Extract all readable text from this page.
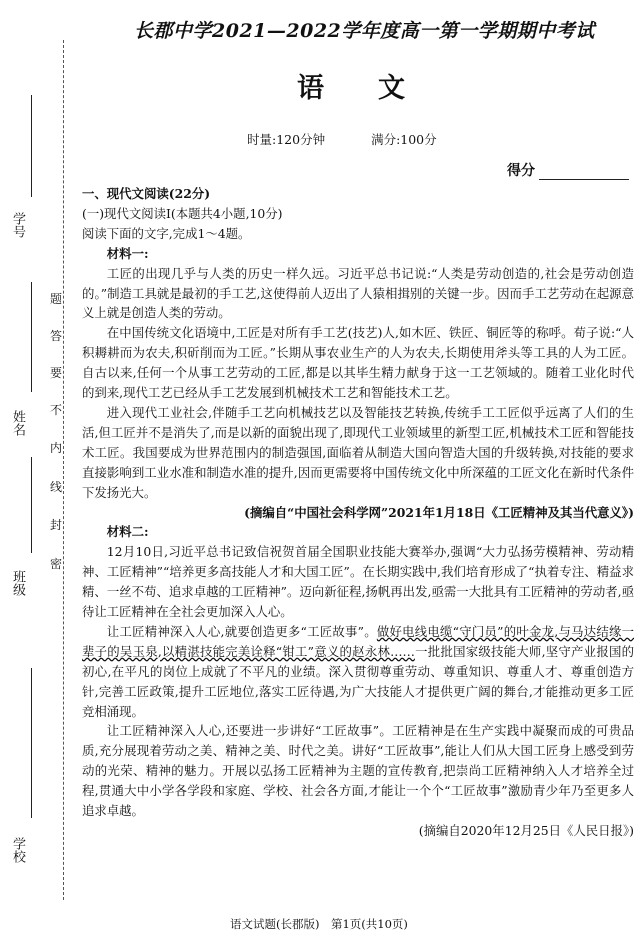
学号
姓名
班级
学校
题
答
要
不
内
线
封
密
长郡中学2021—2022学年度高一第一学期期中考试
语　　文
时量:120分钟	满分:100分
得分

一、现代文阅读(22分)

(一)现代文阅读Ⅰ(本题共4小题,10分)

阅读下面的文字,完成1～4题。

材料一:

工匠的出现几乎与人类的历史一样久远。习近平总书记说:“人类是劳动创造的,社会是劳动创造的。”制造工具就是最初的手工艺,这使得前人迈出了人猿相揖别的关键一步。因而手工艺劳动在起源意义上就是创造人类的劳动。

在中国传统文化语境中,工匠是对所有手工艺(技艺)人,如木匠、铁匠、铜匠等的称呼。荀子说:“人积耨耕而为农夫,积斫削而为工匠。”长期从事农业生产的人为农夫,长期使用斧头等工具的人为工匠。自古以来,任何一个从事工艺劳动的工匠,都是以其毕生精力献身于这一工艺领域的。随着工业化时代的到来,现代工艺已经从手工艺发展到机械技术工艺和智能技术工艺。

进入现代工业社会,伴随手工艺向机械技艺以及智能技艺转换,传统手工工匠似乎远离了人们的生活,但工匠并不是消失了,而是以新的面貌出现了,即现代工业领域里的新型工匠,机械技术工匠和智能技术工匠。我国要成为世界范围内的制造强国,面临着从制造大国向智造大国的升级转换,对技能的要求直接影响到工业水准和制造水准的提升,因而更需要将中国传统文化中所深蕴的工匠文化在新时代条件下发扬光大。

(摘编自“中国社会科学网”2021年1月18日《工匠精神及其当代意义》)

材料二:

12月10日,习近平总书记致信祝贺首届全国职业技能大赛举办,强调“大力弘扬劳模精神、劳动精神、工匠精神”“培养更多高技能人才和大国工匠”。在长期实践中,我们培育形成了“执着专注、精益求精、一丝不苟、追求卓越的工匠精神”。迈向新征程,扬帆再出发,亟需一大批具有工匠精神的劳动者,亟待让工匠精神在全社会更加深入人心。

让工匠精神深入人心,就要创造更多“工匠故事”。做好电线电缆“守门员”的叶金龙,与马达结缘一辈子的吴玉泉,以精湛技能完美诠释“钳工”意义的赵永林……一批批国家级技能大师,坚守产业报国的初心,在平凡的岗位上成就了不平凡的业绩。深入贯彻尊重劳动、尊重知识、尊重人才、尊重创造方针,完善工匠政策,提升工匠地位,落实工匠待遇,为广大技能人才提供更广阔的舞台,才能推动更多工匠竞相涌现。

让工匠精神深入人心,还要进一步讲好“工匠故事”。工匠精神是在生产实践中凝聚而成的可贵品质,充分展现着劳动之美、精神之美、时代之美。讲好“工匠故事”,能让人们从大国工匠身上感受到劳动的光荣、精神的魅力。开展以弘扬工匠精神为主题的宣传教育,把崇尚工匠精神纳入人才培养全过程,贯通大中小学各学段和家庭、学校、社会各方面,才能让一个个“工匠故事”激励青少年乃至更多人追求卓越。

(摘编自2020年12月25日《人民日报》)

语文试题(长郡版)　第1页(共10页)
